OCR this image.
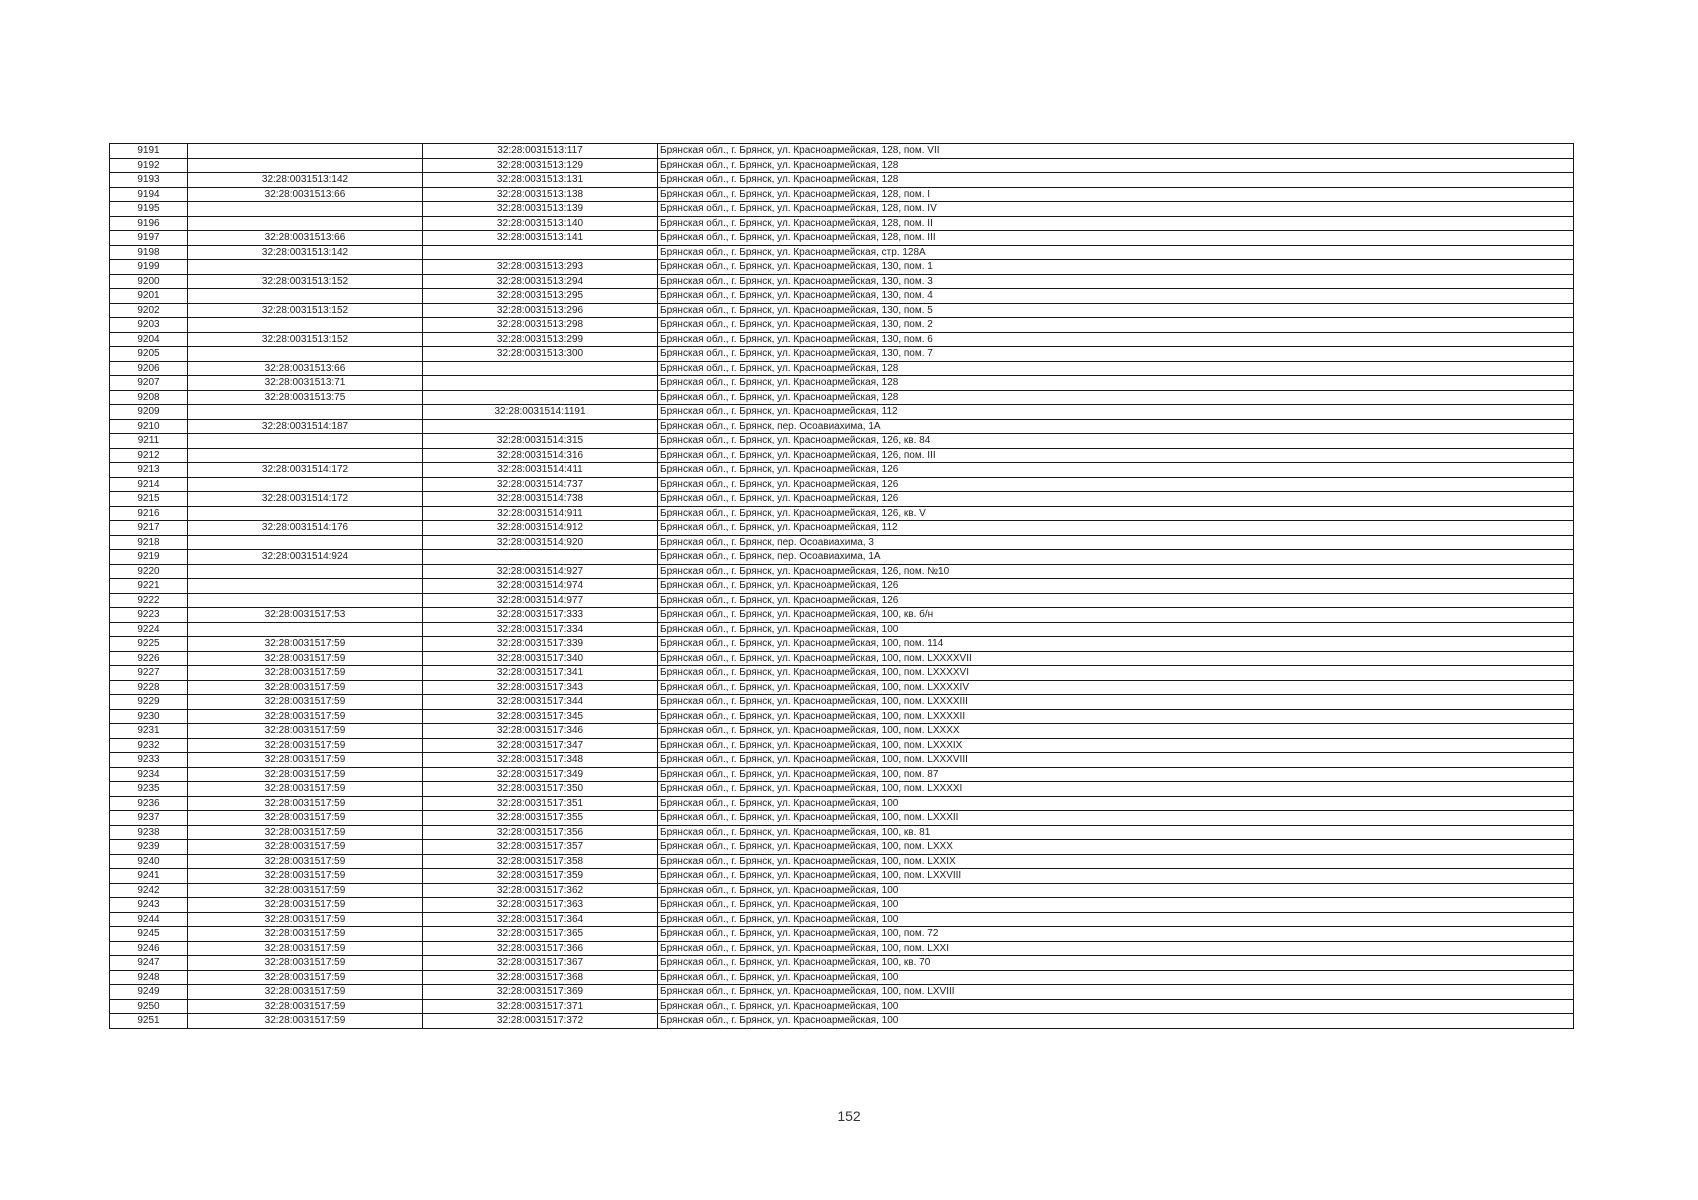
9191		32:28:0031513:117	Брянская обл., г. Брянск, ул. Красноармейская, 128, пом. VII
9192		32:28:0031513:129	Брянская обл., г. Брянск, ул. Красноармейская, 128
9193	32:28:0031513:142	32:28:0031513:131	Брянская обл., г. Брянск, ул. Красноармейская, 128
9194	32:28:0031513:66	32:28:0031513:138	Брянская обл., г. Брянск, ул. Красноармейская, 128, пом. I
9195		32:28:0031513:139	Брянская обл., г. Брянск, ул. Красноармейская, 128, пом. IV
9196		32:28:0031513:140	Брянская обл., г. Брянск, ул. Красноармейская, 128, пом. II
9197	32:28:0031513:66	32:28:0031513:141	Брянская обл., г. Брянск, ул. Красноармейская, 128, пом. III
9198	32:28:0031513:142		Брянская обл., г. Брянск, ул. Красноармейская, стр. 128А
9199		32:28:0031513:293	Брянская обл., г. Брянск, ул. Красноармейская, 130, пом. 1
9200	32:28:0031513:152	32:28:0031513:294	Брянская обл., г. Брянск, ул. Красноармейская, 130, пом. 3
9201		32:28:0031513:295	Брянская обл., г. Брянск, ул. Красноармейская, 130, пом. 4
9202	32:28:0031513:152	32:28:0031513:296	Брянская обл., г. Брянск, ул. Красноармейская, 130, пом. 5
9203		32:28:0031513:298	Брянская обл., г. Брянск, ул. Красноармейская, 130, пом. 2
9204	32:28:0031513:152	32:28:0031513:299	Брянская обл., г. Брянск, ул. Красноармейская, 130, пом. 6
9205		32:28:0031513:300	Брянская обл., г. Брянск, ул. Красноармейская, 130, пом. 7
9206	32:28:0031513:66		Брянская обл., г. Брянск, ул. Красноармейская, 128
9207	32:28:0031513:71		Брянская обл., г. Брянск, ул. Красноармейская, 128
9208	32:28:0031513:75		Брянская обл., г. Брянск, ул. Красноармейская, 128
9209		32:28:0031514:1191	Брянская обл., г. Брянск, ул. Красноармейская, 112
9210	32:28:0031514:187		Брянская обл., г. Брянск, пер. Осоавиахима, 1А
9211		32:28:0031514:315	Брянская обл., г. Брянск, ул. Красноармейская, 126, кв. 84
9212		32:28:0031514:316	Брянская обл., г. Брянск, ул. Красноармейская, 126, пом. III
9213	32:28:0031514:172	32:28:0031514:411	Брянская обл., г. Брянск, ул. Красноармейская, 126
9214		32:28:0031514:737	Брянская обл., г. Брянск, ул. Красноармейская, 126
9215	32:28:0031514:172	32:28:0031514:738	Брянская обл., г. Брянск, ул. Красноармейская, 126
9216		32:28:0031514:911	Брянская обл., г. Брянск, ул. Красноармейская, 126, кв. V
9217	32:28:0031514:176	32:28:0031514:912	Брянская обл., г. Брянск, ул. Красноармейская, 112
9218		32:28:0031514:920	Брянская обл., г. Брянск, пер. Осоавиахима, 3
9219	32:28:0031514:924		Брянская обл., г. Брянск, пер. Осоавиахима, 1А
9220		32:28:0031514:927	Брянская обл., г. Брянск, ул. Красноармейская, 126, пом. №10
9221		32:28:0031514:974	Брянская обл., г. Брянск, ул. Красноармейская, 126
9222		32:28:0031514:977	Брянская обл., г. Брянск, ул. Красноармейская, 126
9223	32:28:0031517:53	32:28:0031517:333	Брянская обл., г. Брянск, ул. Красноармейская, 100, кв. б/н
9224		32:28:0031517:334	Брянская обл., г. Брянск, ул. Красноармейская, 100
9225	32:28:0031517:59	32:28:0031517:339	Брянская обл., г. Брянск, ул. Красноармейская, 100, пом. 114
9226	32:28:0031517:59	32:28:0031517:340	Брянская обл., г. Брянск, ул. Красноармейская, 100, пом. LXXXXVII
9227	32:28:0031517:59	32:28:0031517:341	Брянская обл., г. Брянск, ул. Красноармейская, 100, пом. LXXXXVI
9228	32:28:0031517:59	32:28:0031517:343	Брянская обл., г. Брянск, ул. Красноармейская, 100, пом. LXXXXIV
9229	32:28:0031517:59	32:28:0031517:344	Брянская обл., г. Брянск, ул. Красноармейская, 100, пом. LXXXXIII
9230	32:28:0031517:59	32:28:0031517:345	Брянская обл., г. Брянск, ул. Красноармейская, 100, пом. LXXXXII
9231	32:28:0031517:59	32:28:0031517:346	Брянская обл., г. Брянск, ул. Красноармейская, 100, пом. LXXXX
9232	32:28:0031517:59	32:28:0031517:347	Брянская обл., г. Брянск, ул. Красноармейская, 100, пом. LXXXIX
9233	32:28:0031517:59	32:28:0031517:348	Брянская обл., г. Брянск, ул. Красноармейская, 100, пом. LXXXVIII
9234	32:28:0031517:59	32:28:0031517:349	Брянская обл., г. Брянск, ул. Красноармейская, 100, пом. 87
9235	32:28:0031517:59	32:28:0031517:350	Брянская обл., г. Брянск, ул. Красноармейская, 100, пом. LXXXXI
9236	32:28:0031517:59	32:28:0031517:351	Брянская обл., г. Брянск, ул. Красноармейская, 100
9237	32:28:0031517:59	32:28:0031517:355	Брянская обл., г. Брянск, ул. Красноармейская, 100, пом. LXXXII
9238	32:28:0031517:59	32:28:0031517:356	Брянская обл., г. Брянск, ул. Красноармейская, 100, кв. 81
9239	32:28:0031517:59	32:28:0031517:357	Брянская обл., г. Брянск, ул. Красноармейская, 100, пом. LXXX
9240	32:28:0031517:59	32:28:0031517:358	Брянская обл., г. Брянск, ул. Красноармейская, 100, пом. LXXIX
9241	32:28:0031517:59	32:28:0031517:359	Брянская обл., г. Брянск, ул. Красноармейская, 100, пом. LXXVIII
9242	32:28:0031517:59	32:28:0031517:362	Брянская обл., г. Брянск, ул. Красноармейская, 100
9243	32:28:0031517:59	32:28:0031517:363	Брянская обл., г. Брянск, ул. Красноармейская, 100
9244	32:28:0031517:59	32:28:0031517:364	Брянская обл., г. Брянск, ул. Красноармейская, 100
9245	32:28:0031517:59	32:28:0031517:365	Брянская обл., г. Брянск, ул. Красноармейская, 100, пом. 72
9246	32:28:0031517:59	32:28:0031517:366	Брянская обл., г. Брянск, ул. Красноармейская, 100, пом. LXXI
9247	32:28:0031517:59	32:28:0031517:367	Брянская обл., г. Брянск, ул. Красноармейская, 100, кв. 70
9248	32:28:0031517:59	32:28:0031517:368	Брянская обл., г. Брянск, ул. Красноармейская, 100
9249	32:28:0031517:59	32:28:0031517:369	Брянская обл., г. Брянск, ул. Красноармейская, 100, пом. LXVIII
9250	32:28:0031517:59	32:28:0031517:371	Брянская обл., г. Брянск, ул. Красноармейская, 100
9251	32:28:0031517:59	32:28:0031517:372	Брянская обл., г. Брянск, ул. Красноармейская, 100
152
